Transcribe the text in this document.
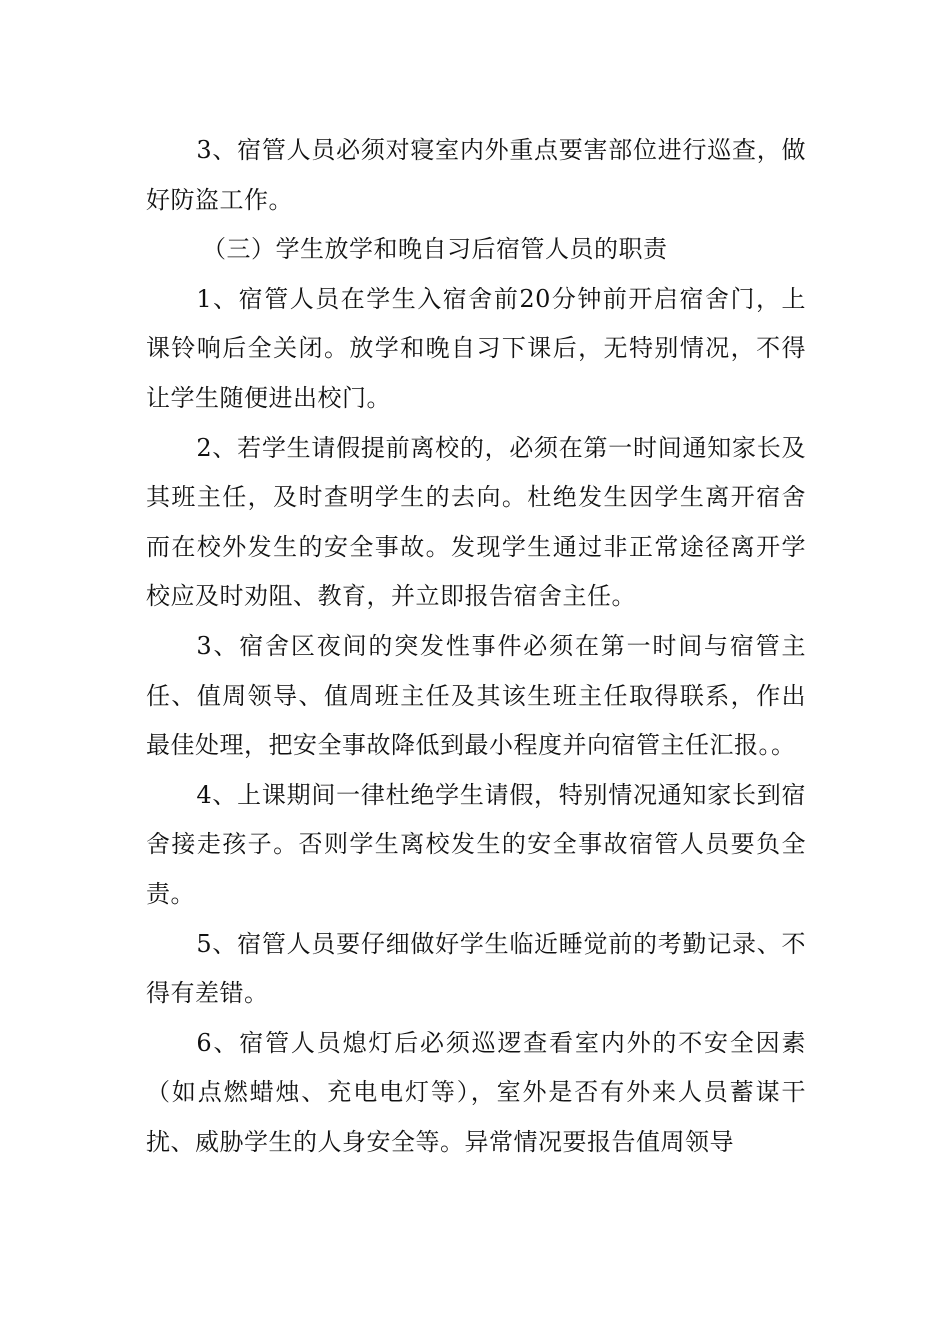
3、宿管人员必须对寝室内外重点要害部位进行巡查，做好防盗工作。

（三）学生放学和晚自习后宿管人员的职责

1、宿管人员在学生入宿舍前20分钟前开启宿舍门，上课铃响后全关闭。放学和晚自习下课后，无特别情况，不得让学生随便进出校门。

2、若学生请假提前离校的，必须在第一时间通知家长及其班主任，及时查明学生的去向。杜绝发生因学生离开宿舍而在校外发生的安全事故。发现学生通过非正常途径离开学校应及时劝阻、教育，并立即报告宿舍主任。

3、宿舍区夜间的突发性事件必须在第一时间与宿管主任、值周领导、值周班主任及其该生班主任取得联系，作出最佳处理，把安全事故降低到最小程度并向宿管主任汇报。。

4、上课期间一律杜绝学生请假，特别情况通知家长到宿舍接走孩子。否则学生离校发生的安全事故宿管人员要负全责。

5、宿管人员要仔细做好学生临近睡觉前的考勤记录、不得有差错。

6、宿管人员熄灯后必须巡逻查看室内外的不安全因素（如点燃蜡烛、充电电灯等），室外是否有外来人员蓄谋干扰、威胁学生的人身安全等。异常情况要报告值周领导
